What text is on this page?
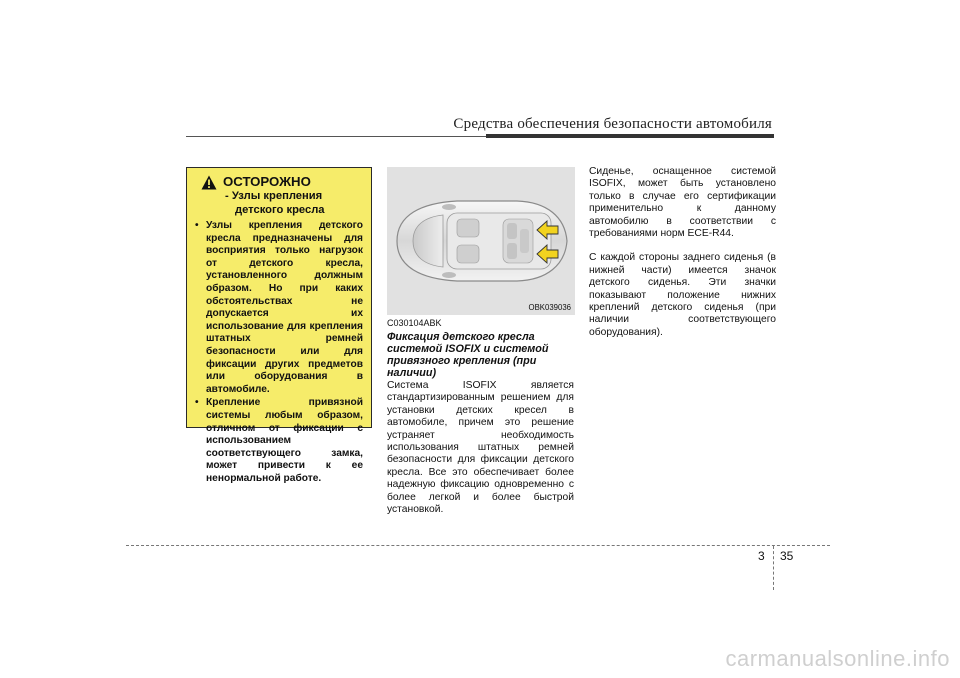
Средства обеспечения безопасности автомобиля
ОСТОРОЖНО
- Узлы крепления
детского кресла
• Узлы крепления детского кресла предназначены для восприятия только нагрузок от детского кресла, установленного должным образом. Но при каких обстоятельствах не допускается их использование для крепления штатных ремней безопасности или для фиксации других предметов или оборудования в автомобиле.
• Крепление привязной системы любым образом, отличном от фиксации с использованием соответствующего замка, может привести к ее ненормальной работе.
OBK039036
C030104ABK
Фиксация детского кресла системой ISOFIX и системой привязного крепления (при наличии)

Система ISOFIX является стандартизированным решением для установки детских кресел в автомобиле, причем это решение устраняет необходимость использования штатных ремней безопасности для фиксации детского кресла. Все это обеспечивает более надежную фиксацию одновременно с более легкой и более быстрой установкой.

Сиденье, оснащенное системой ISOFIX, может быть установлено только в случае его сертификации применительно к данному автомобилю в соответствии с требованиями норм ECE-R44.

С каждой стороны заднего сиденья (в нижней части) имеется значок детского сиденья. Эти значки показывают положение нижних креплений детского сиденья (при наличии соответствующего оборудования).

3 35
carmanualsonline.info
